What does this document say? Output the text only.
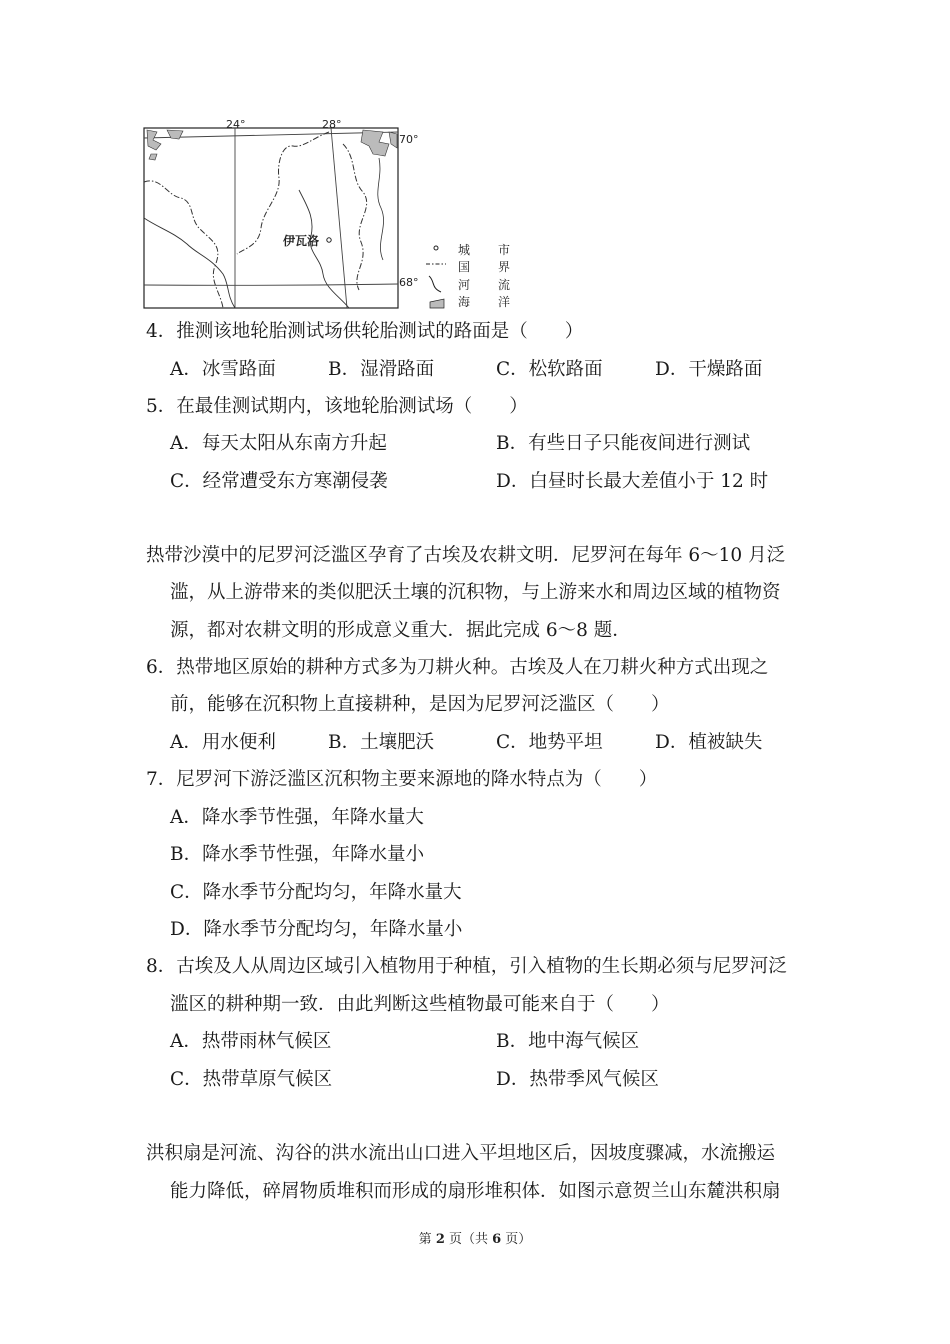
24°	28°
70°
68°
伊瓦洛
城　市
国　界
河　流
海　洋
4．推测该地轮胎测试场供轮胎测试的路面是（　　）
A．冰雪路面	B．湿滑路面	C．松软路面	D．干燥路面
5．在最佳测试期内，该地轮胎测试场（　　）
A．每天太阳从东南方升起	B．有些日子只能夜间进行测试
C．经常遭受东方寒潮侵袭	D．白昼时长最大差值小于 12 时
热带沙漠中的尼罗河泛滥区孕育了古埃及农耕文明．尼罗河在每年 6～10 月泛
滥，从上游带来的类似肥沃土壤的沉积物，与上游来水和周边区域的植物资
源，都对农耕文明的形成意义重大．据此完成 6～8 题．
6．热带地区原始的耕种方式多为刀耕火种。古埃及人在刀耕火种方式出现之
前，能够在沉积物上直接耕种，是因为尼罗河泛滥区（　　）
A．用水便利	B．土壤肥沃	C．地势平坦	D．植被缺失
7．尼罗河下游泛滥区沉积物主要来源地的降水特点为（　　）
A．降水季节性强，年降水量大
B．降水季节性强，年降水量小
C．降水季节分配均匀，年降水量大
D．降水季节分配均匀，年降水量小
8．古埃及人从周边区域引入植物用于种植，引入植物的生长期必须与尼罗河泛
滥区的耕种期一致．由此判断这些植物最可能来自于（　　）
A．热带雨林气候区	B．地中海气候区
C．热带草原气候区	D．热带季风气候区
洪积扇是河流、沟谷的洪水流出山口进入平坦地区后，因坡度骤减，水流搬运
能力降低，碎屑物质堆积而形成的扇形堆积体．如图示意贺兰山东麓洪积扇
第 2 页（共 6 页）
